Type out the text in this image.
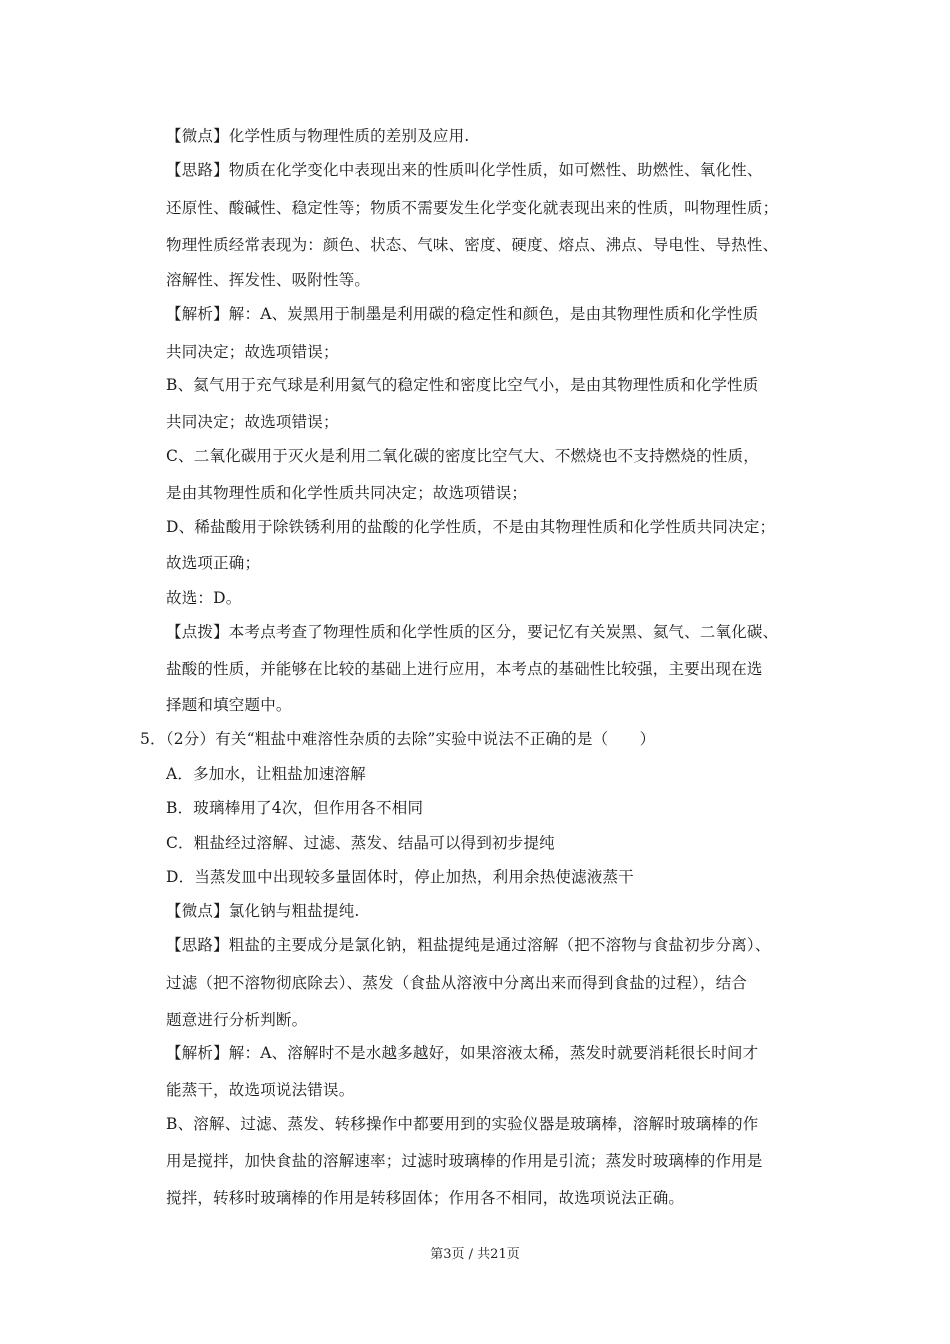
【微点】化学性质与物理性质的差别及应用.
【思路】物质在化学变化中表现出来的性质叫化学性质，如可燃性、助燃性、氧化性、
还原性、酸碱性、稳定性等；物质不需要发生化学变化就表现出来的性质，叫物理性质；
物理性质经常表现为：颜色、状态、气味、密度、硬度、熔点、沸点、导电性、导热性、
溶解性、挥发性、吸附性等。
【解析】解：A、炭黑用于制墨是利用碳的稳定性和颜色，是由其物理性质和化学性质
共同决定；故选项错误；
B、氦气用于充气球是利用氦气的稳定性和密度比空气小，是由其物理性质和化学性质
共同决定；故选项错误；
C、二氧化碳用于灭火是利用二氧化碳的密度比空气大、不燃烧也不支持燃烧的性质，
是由其物理性质和化学性质共同决定；故选项错误；
D、稀盐酸用于除铁锈利用的盐酸的化学性质，不是由其物理性质和化学性质共同决定；
故选项正确；
故选：D。
【点拨】本考点考查了物理性质和化学性质的区分，要记忆有关炭黑、氦气、二氧化碳、
盐酸的性质，并能够在比较的基础上进行应用，本考点的基础性比较强，主要出现在选
择题和填空题中。
5．（2分）有关“粗盐中难溶性杂质的去除”实验中说法不正确的是（　　）
A．多加水，让粗盐加速溶解
B．玻璃棒用了4次，但作用各不相同
C．粗盐经过溶解、过滤、蒸发、结晶可以得到初步提纯
D．当蒸发皿中出现较多量固体时，停止加热，利用余热使滤液蒸干
【微点】氯化钠与粗盐提纯.
【思路】粗盐的主要成分是氯化钠，粗盐提纯是通过溶解（把不溶物与食盐初步分离）、
过滤（把不溶物彻底除去）、蒸发（食盐从溶液中分离出来而得到食盐的过程），结合
题意进行分析判断。
【解析】解：A、溶解时不是水越多越好，如果溶液太稀，蒸发时就要消耗很长时间才
能蒸干，故选项说法错误。
B、溶解、过滤、蒸发、转移操作中都要用到的实验仪器是玻璃棒，溶解时玻璃棒的作
用是搅拌，加快食盐的溶解速率；过滤时玻璃棒的作用是引流；蒸发时玻璃棒的作用是
搅拌，转移时玻璃棒的作用是转移固体；作用各不相同，故选项说法正确。
第3页 / 共21页
